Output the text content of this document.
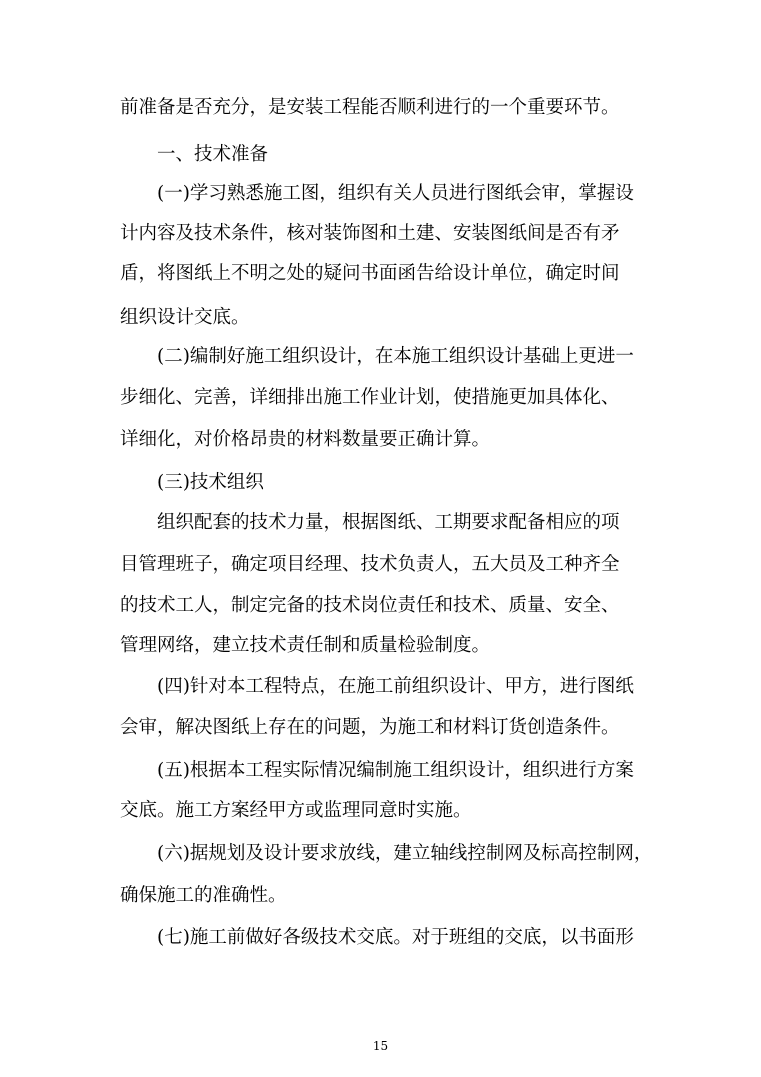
前准备是否充分，是安装工程能否顺利进行的一个重要环节。
一、技术准备
(一)学习熟悉施工图，组织有关人员进行图纸会审，掌握设
计内容及技术条件，核对装饰图和土建、安装图纸间是否有矛
盾，将图纸上不明之处的疑问书面函告给设计单位，确定时间
组织设计交底。
(二)编制好施工组织设计，在本施工组织设计基础上更进一
步细化、完善，详细排出施工作业计划，使措施更加具体化、
详细化，对价格昂贵的材料数量要正确计算。
(三)技术组织
组织配套的技术力量，根据图纸、工期要求配备相应的项
目管理班子，确定项目经理、技术负责人，五大员及工种齐全
的技术工人，制定完备的技术岗位责任和技术、质量、安全、
管理网络，建立技术责任制和质量检验制度。
(四)针对本工程特点，在施工前组织设计、甲方，进行图纸
会审，解决图纸上存在的问题，为施工和材料订货创造条件。
(五)根据本工程实际情况编制施工组织设计，组织进行方案
交底。施工方案经甲方或监理同意时实施。
(六)据规划及设计要求放线，建立轴线控制网及标高控制网，
确保施工的准确性。
(七)施工前做好各级技术交底。对于班组的交底，以书面形
15
